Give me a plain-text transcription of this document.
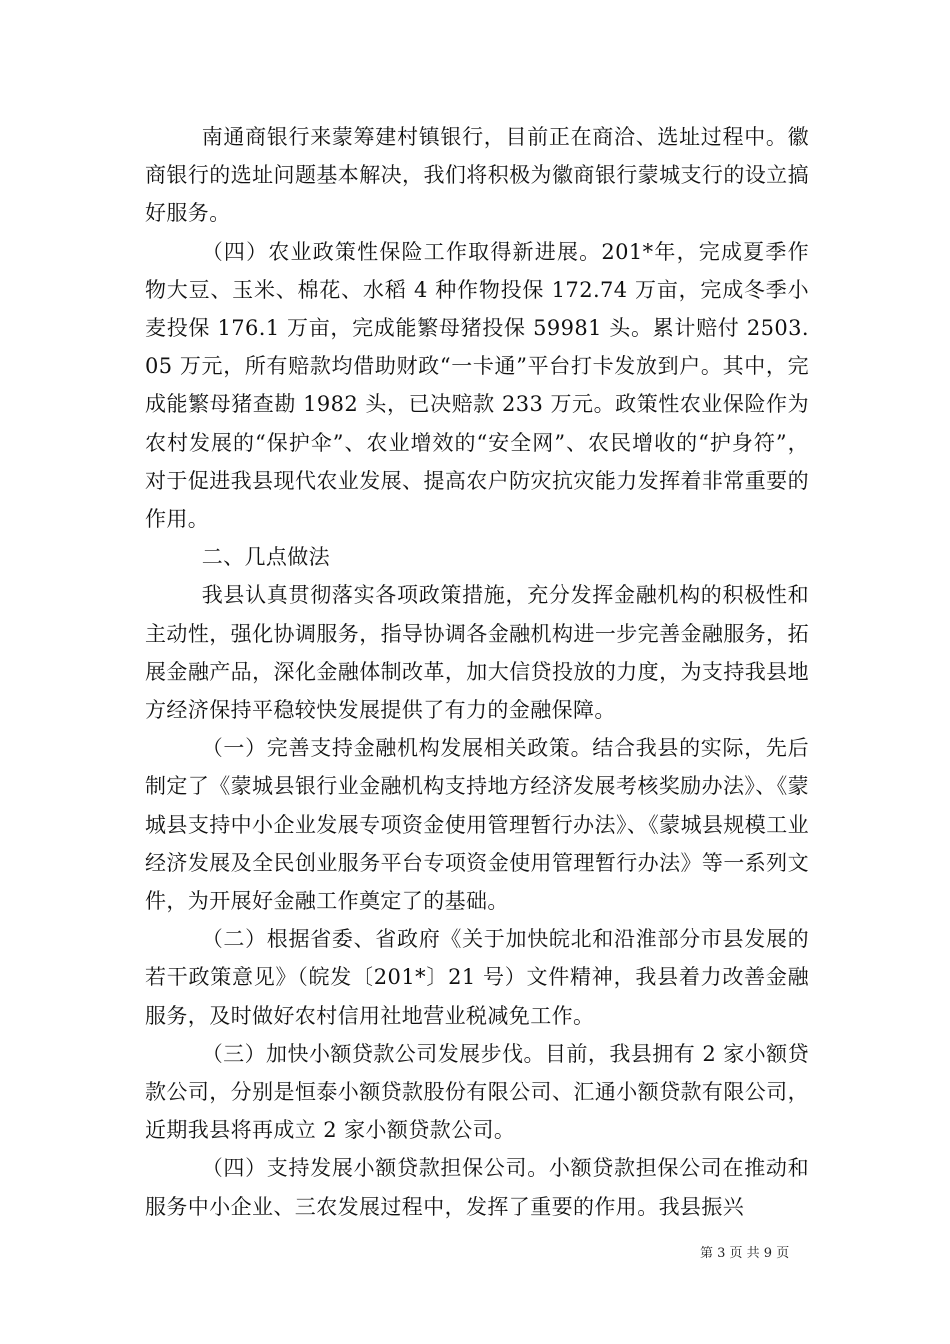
南通商银行来蒙筹建村镇银行，目前正在商洽、选址过程中。徽商银行的选址问题基本解决，我们将积极为徽商银行蒙城支行的设立搞好服务。

（四）农业政策性保险工作取得新进展。201*年，完成夏季作物大豆、玉米、棉花、水稻 4 种作物投保 172.74 万亩，完成冬季小麦投保 176.1 万亩，完成能繁母猪投保 59981 头。累计赔付 2503.05 万元，所有赔款均借助财政“一卡通”平台打卡发放到户。其中，完成能繁母猪查勘 1982 头，已决赔款 233 万元。政策性农业保险作为农村发展的“保护伞”、农业增效的“安全网”、农民增收的“护身符”，对于促进我县现代农业发展、提高农户防灾抗灾能力发挥着非常重要的作用。

二、几点做法

我县认真贯彻落实各项政策措施，充分发挥金融机构的积极性和主动性，强化协调服务，指导协调各金融机构进一步完善金融服务，拓展金融产品，深化金融体制改革，加大信贷投放的力度，为支持我县地方经济保持平稳较快发展提供了有力的金融保障。

（一）完善支持金融机构发展相关政策。结合我县的实际，先后制定了《蒙城县银行业金融机构支持地方经济发展考核奖励办法》、《蒙城县支持中小企业发展专项资金使用管理暂行办法》、《蒙城县规模工业经济发展及全民创业服务平台专项资金使用管理暂行办法》等一系列文件，为开展好金融工作奠定了的基础。

（二）根据省委、省政府《关于加快皖北和沿淮部分市县发展的若干政策意见》（皖发〔201*〕21 号）文件精神，我县着力改善金融服务，及时做好农村信用社地营业税减免工作。

（三）加快小额贷款公司发展步伐。目前，我县拥有 2 家小额贷款公司，分别是恒泰小额贷款股份有限公司、汇通小额贷款有限公司，近期我县将再成立 2 家小额贷款公司。

（四）支持发展小额贷款担保公司。小额贷款担保公司在推动和服务中小企业、三农发展过程中，发挥了重要的作用。我县振兴

第 3 页 共 9 页
